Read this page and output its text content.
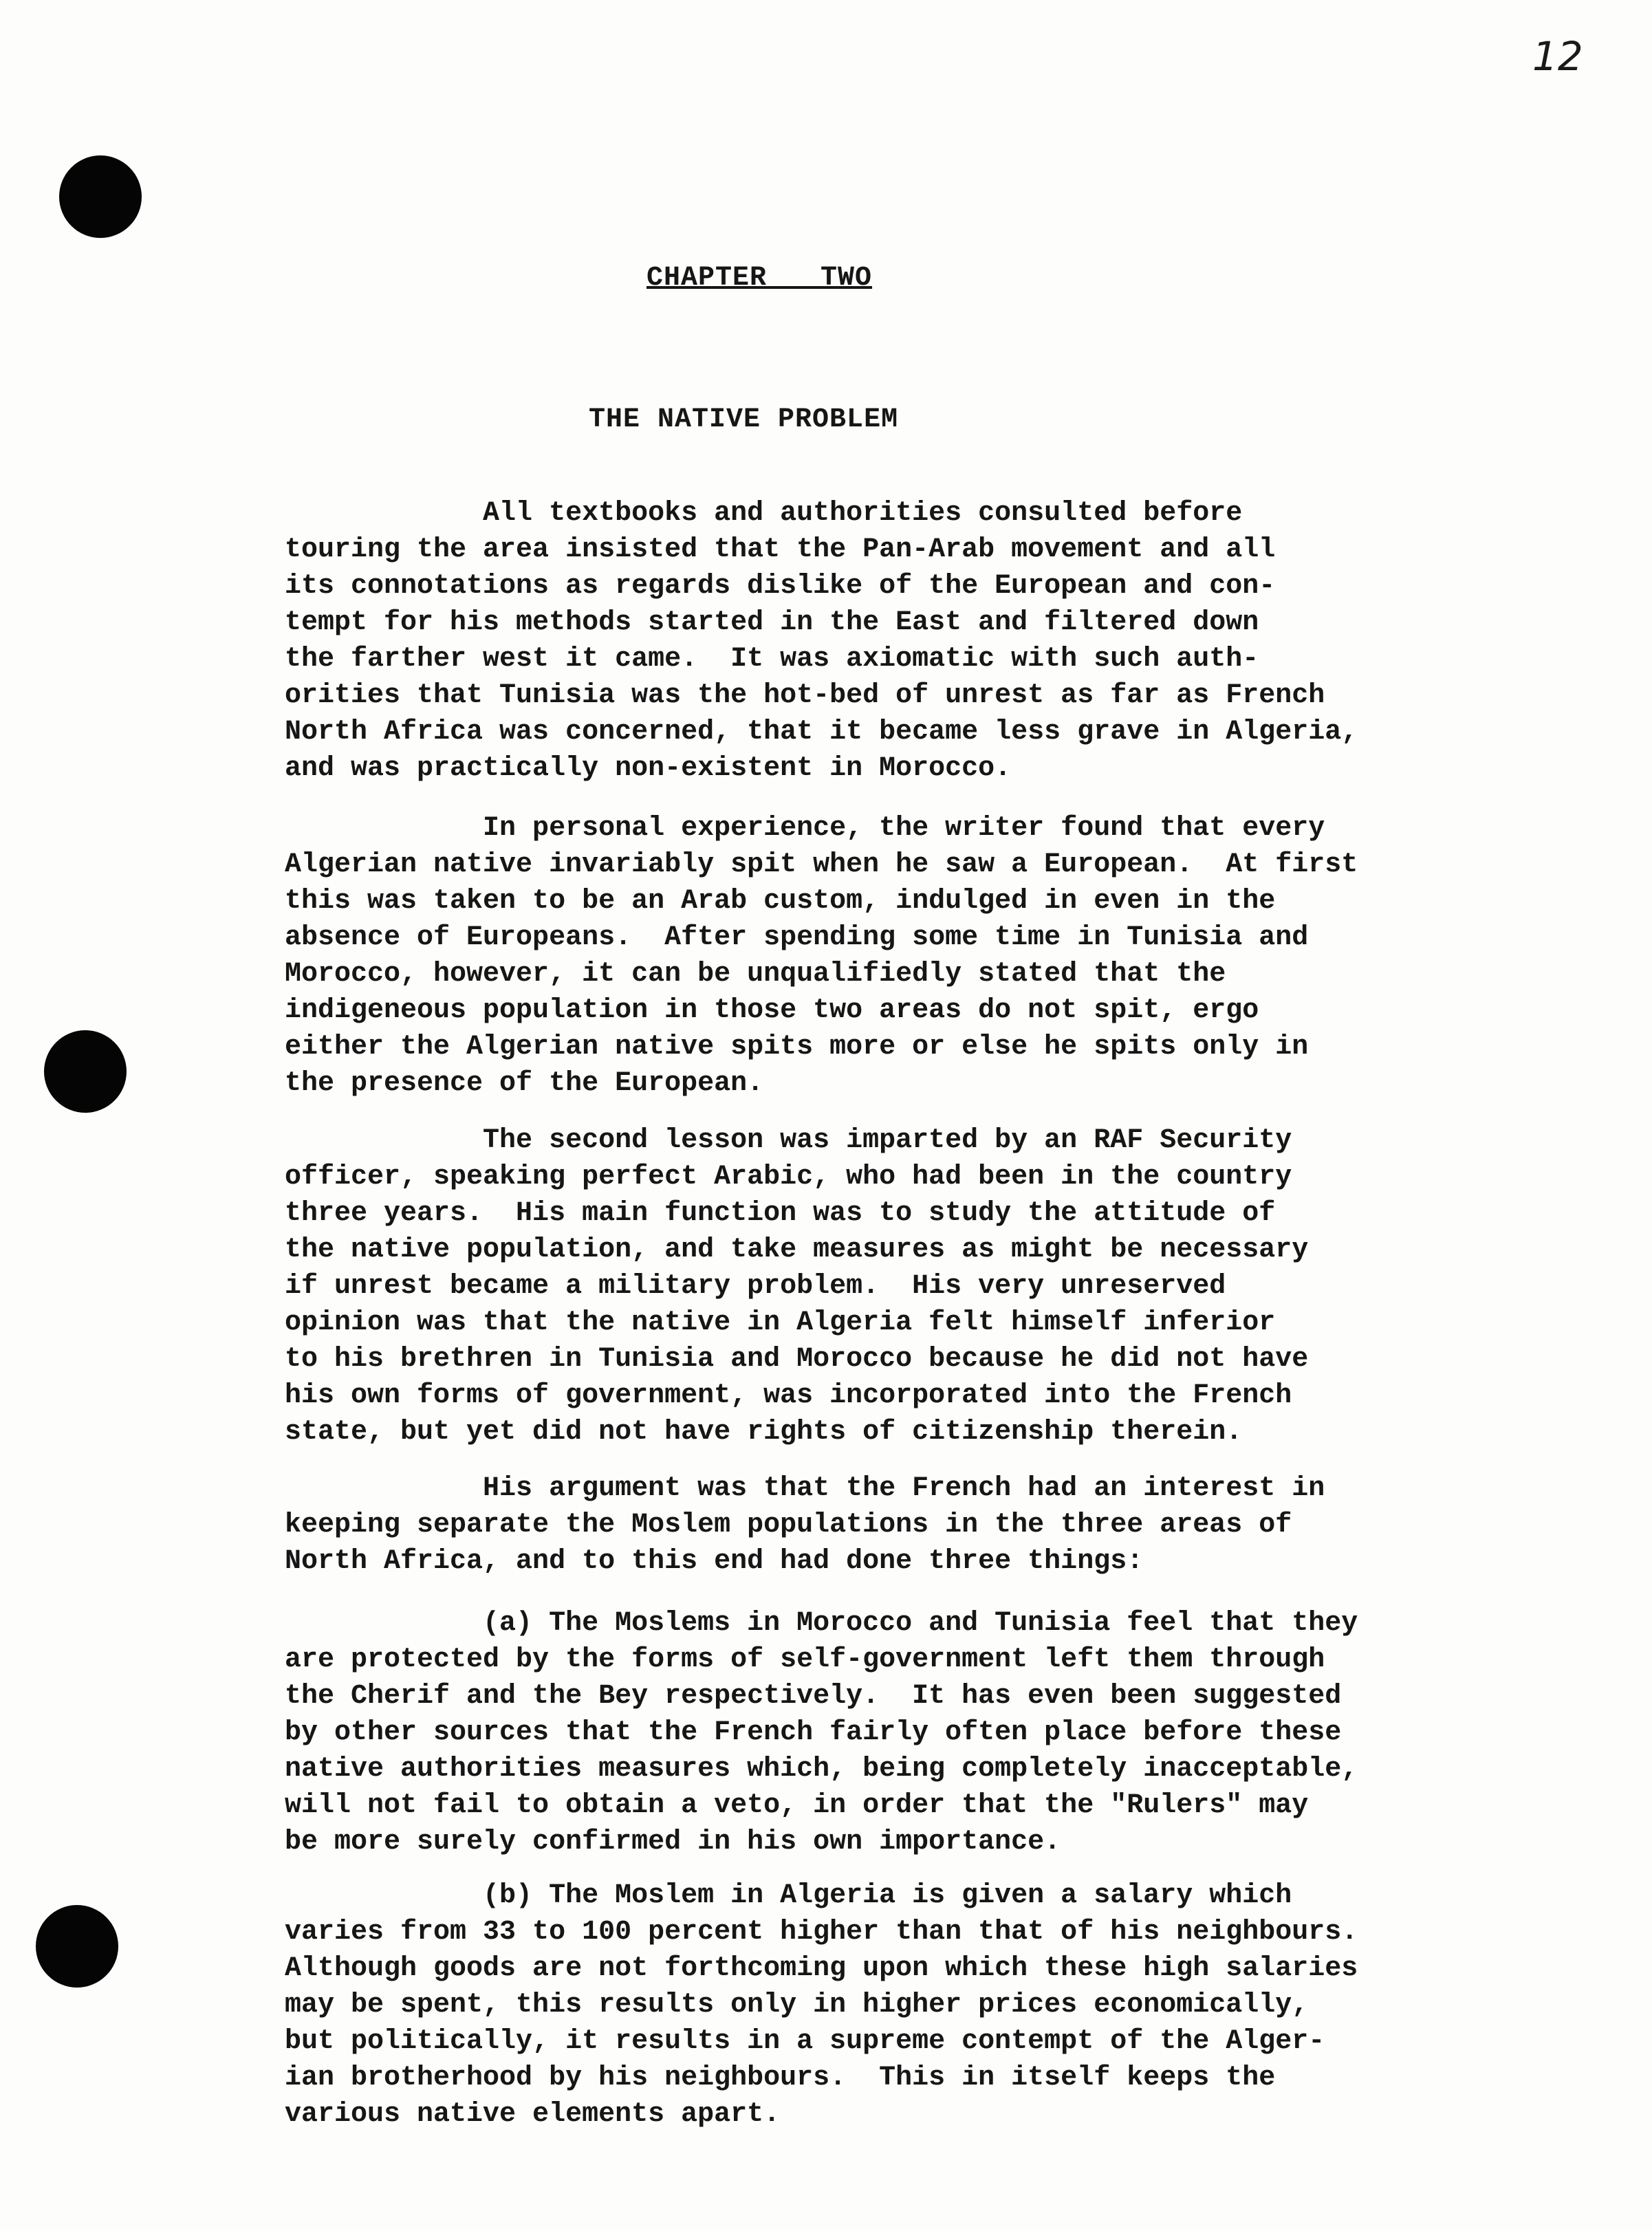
12
CHAPTER  TWO
THE NATIVE PROBLEM

All textbooks and authorities consulted before
touring the area insisted that the Pan-Arab movement and all
its connotations as regards dislike of the European and con-
tempt for his methods started in the East and filtered down
the farther west it came.  It was axiomatic with such auth-
orities that Tunisia was the hot-bed of unrest as far as French
North Africa was concerned, that it became less grave in Algeria,
and was practically non-existent in Morocco.

In personal experience, the writer found that every
Algerian native invariably spit when he saw a European.  At first
this was taken to be an Arab custom, indulged in even in the
absence of Europeans.  After spending some time in Tunisia and
Morocco, however, it can be unqualifiedly stated that the
indigeneous population in those two areas do not spit, ergo
either the Algerian native spits more or else he spits only in
the presence of the European.

The second lesson was imparted by an RAF Security
officer, speaking perfect Arabic, who had been in the country
three years.  His main function was to study the attitude of
the native population, and take measures as might be necessary
if unrest became a military problem.  His very unreserved
opinion was that the native in Algeria felt himself inferior
to his brethren in Tunisia and Morocco because he did not have
his own forms of government, was incorporated into the French
state, but yet did not have rights of citizenship therein.

His argument was that the French had an interest in
keeping separate the Moslem populations in the three areas of
North Africa, and to this end had done three things:

(a) The Moslems in Morocco and Tunisia feel that they
are protected by the forms of self-government left them through
the Cherif and the Bey respectively.  It has even been suggested
by other sources that the French fairly often place before these
native authorities measures which, being completely inacceptable,
will not fail to obtain a veto, in order that the "Rulers" may
be more surely confirmed in his own importance.

(b) The Moslem in Algeria is given a salary which
varies from 33 to 100 percent higher than that of his neighbours.
Although goods are not forthcoming upon which these high salaries
may be spent, this results only in higher prices economically,
but politically, it results in a supreme contempt of the Alger-
ian brotherhood by his neighbours.  This in itself keeps the
various native elements apart.
